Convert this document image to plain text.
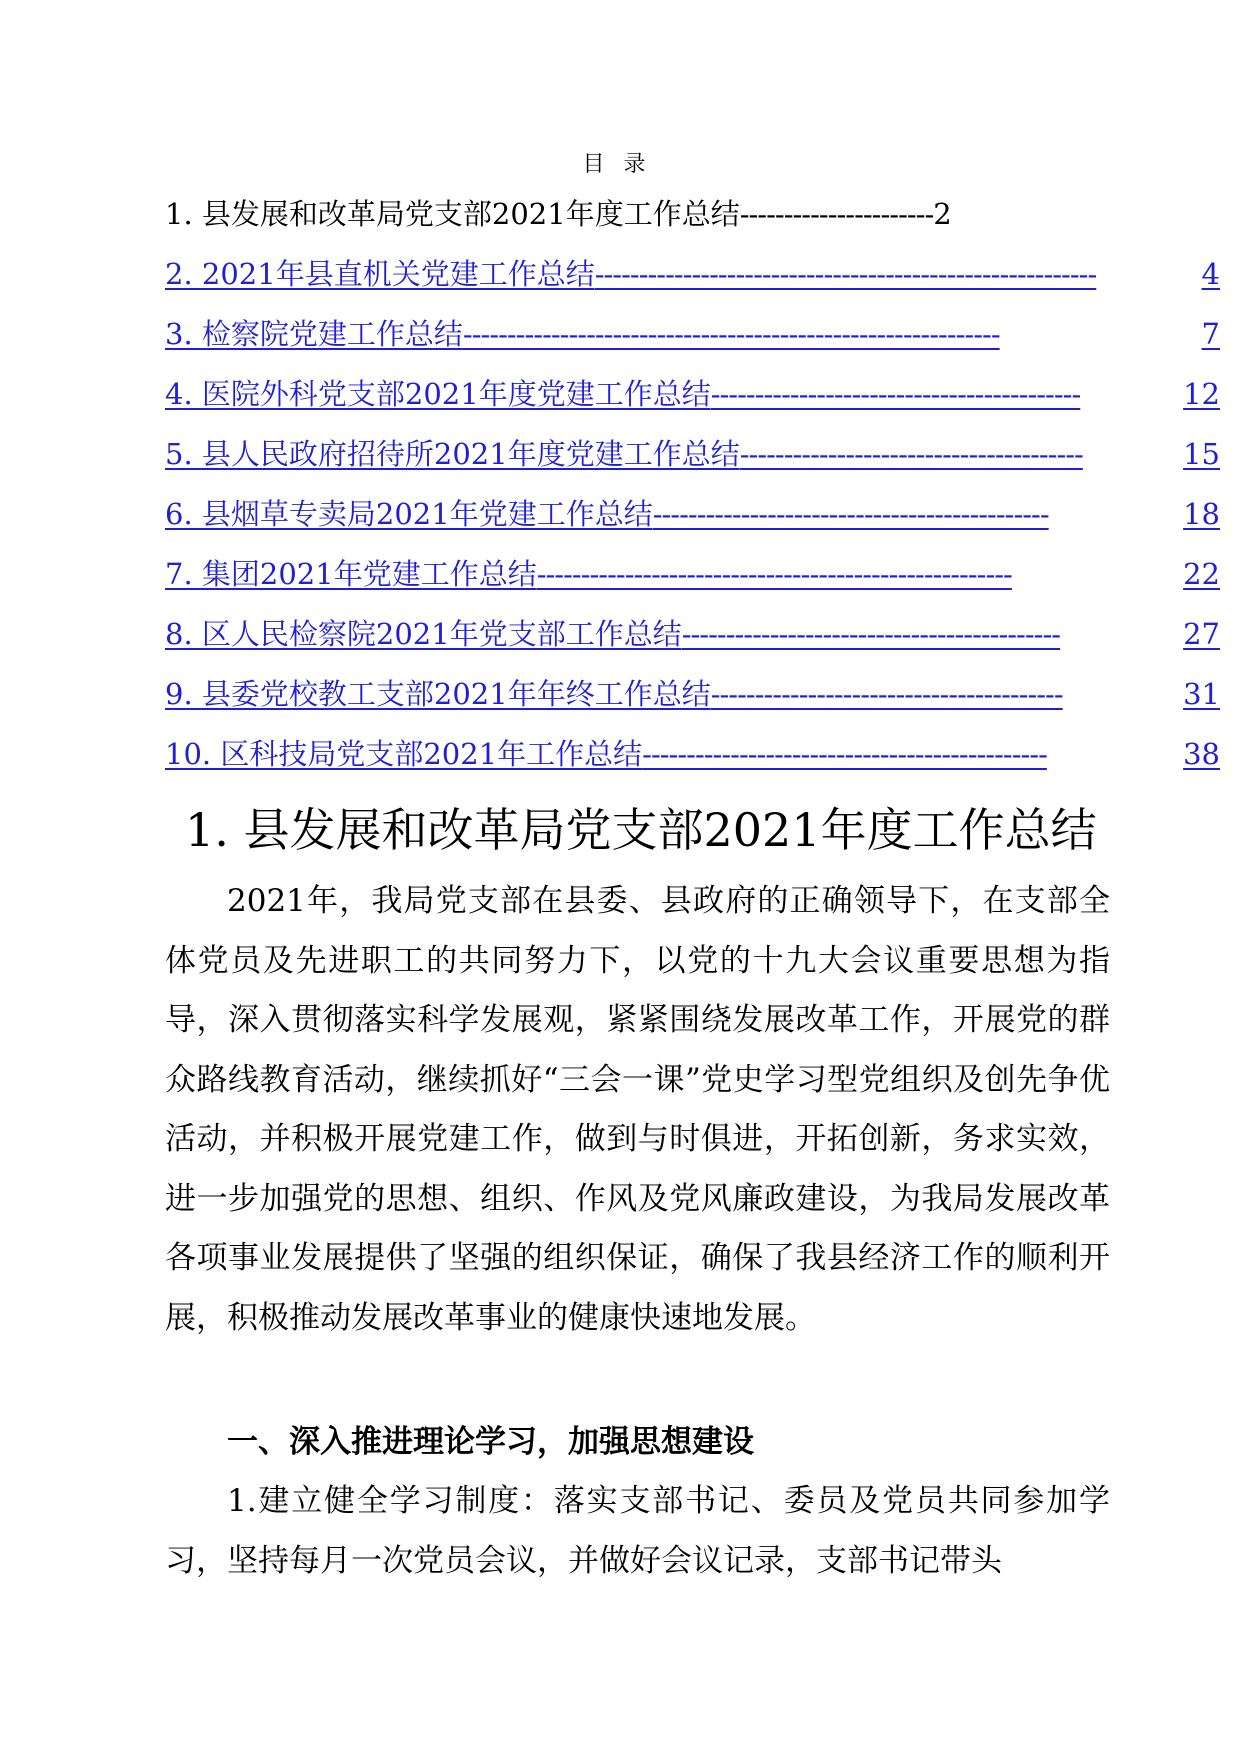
目 录
1. 县发展和改革局党支部2021年度工作总结 ---------------------- 2
2. 2021年县直机关党建工作总结 ---------------------------------------------------------	4
3. 检察院党建工作总结 -------------------------------------------------------------	7
4. 医院外科党支部2021年度党建工作总结 ------------------------------------------	12
5. 县人民政府招待所2021年度党建工作总结 ---------------------------------------	15
6. 县烟草专卖局2021年党建工作总结 ---------------------------------------------	18
7. 集团2021年党建工作总结 ------------------------------------------------------	22
8. 区人民检察院2021年党支部工作总结 -------------------------------------------	27
9. 县委党校教工支部2021年年终工作总结 ----------------------------------------	31
10. 区科技局党支部2021年工作总结 ----------------------------------------------	38
1. 县发展和改革局党支部2021年度工作总结

2021年，我局党支部在县委、县政府的正确领导下，在支部全体党员及先进职工的共同努力下，以党的十九大会议重要思想为指导，深入贯彻落实科学发展观，紧紧围绕发展改革工作，开展党的群众路线教育活动，继续抓好“三会一课”党史学习型党组织及创先争优活动，并积极开展党建工作，做到与时俱进，开拓创新，务求实效，进一步加强党的思想、组织、作风及党风廉政建设，为我局发展改革各项事业发展提供了坚强的组织保证，确保了我县经济工作的顺利开展，积极推动发展改革事业的健康快速地发展。

一、深入推进理论学习，加强思想建设

1.建立健全学习制度：落实支部书记、委员及党员共同参加学习，坚持每月一次党员会议，并做好会议记录，支部书记带头
